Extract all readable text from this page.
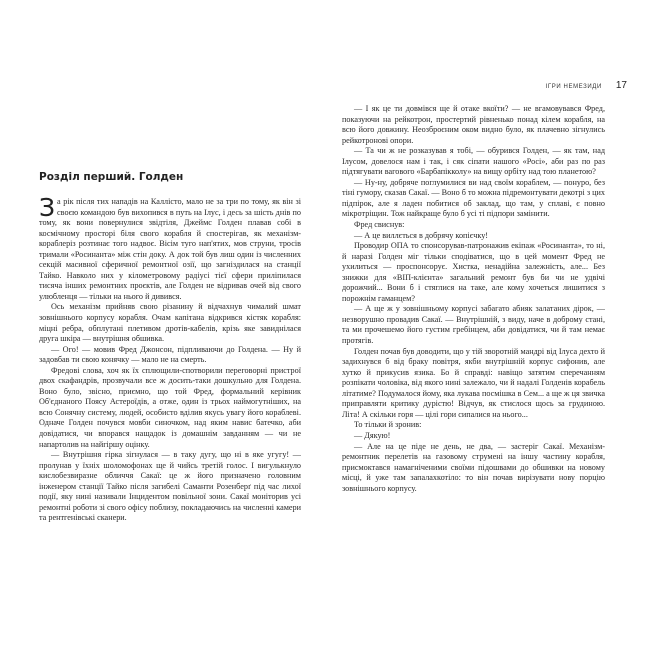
Розділ перший. Голден

За рік після тих нападів на Каллісто, мало не за три по тому, як він зі своєю командою був вихопився в путь на Ілус, і десь за шість днів по тому, як вони повернулися звідтіля, Джеймс Голден плавав собі в космічному просторі біля свого корабля й спостерігав, як механізм-кораблеріз розтинає того надвоє. Вісім туго нап'ятих, мов струни, тросів тримали «Росинанта» між стін доку. А док той був лиш один із численних секцій масивної сферичної ремонтної озії, що загніздилася на станції Тайко. Навколо них у кілометровому радіусі тієї сфери приліпилася тисяча інших ремонтних проєктів, але Голден не відривав очей від свого улюбленця — тільки на нього й дивився.

Ось механізм прийняв свою різанину й відчахнув чималий шмат зовнішнього корпусу корабля. Очам капітана відкрився кістяк корабля: міцні ребра, обплутані плетивом дротів-кабелів, крізь яке завиднілася друга шкіра — внутрішня обшивка.

— Ого! — мовив Фред Джонсон, підпливаючи до Голдена. — Ну й задовбав ти свою конячку — мало не на смерть.

Фредові слова, хоч як їх сплющили-спотворили переговорні пристрої двох скафандрів, прозвучали все ж досить-таки дошкульно для Голдена. Воно було, звісно, приємно, що той Фред, формальний керівник Об'єднаного Поясу Астероїдів, а отже, один із трьох наймогутніших, на всю Сонячну систему, людей, особисто вділив якусь увагу його кораблеві. Одначе Голден почувся мовби синочком, над яким навис батечко, аби довідатися, чи впорався нащадок із домашнім завданням — чи не напартолив на найгіршу оцінку.

— Внутрішня гірка зігнулася — в таку дугу, що ні в яке угугу! — пролунав у їхніх шоломофонах ще й чийсь третій голос. І вигулькнуло кислобезвиразне обличчя Сакаї: це ж його призначено головним інженером станції Тайко після загибелі Саманти Розенберґ під час лихої події, яку нині називали Інцидентом повільної зони. Сакаї моніторив усі ремонтні роботи зі свого офісу поблизу, покладаючись на численні камери та рентгенівські сканери.

ІГРИ НЕМЕЗИДИ 17

— І як це ти довмівся ще й отаке вкоїти? — не вгамовувався Фред, показуючи на рейкотрон, простертий рівненько понад кілем корабля, на всю його довжину. Неозброєним оком видно було, як плачевно зігнулись рейкотронові опори.

— Та чи ж не розказував я тобі, — обурився Голден, — як там, над Ілусом, довелося нам і так, і сяк сіпати нашого «Росі», аби раз по раз підтягувати вагового «Барбапікколу» на вищу орбіту над тою планетою?

— Ну-ну, добряче поглумилися ви над своїм кораблем, — понуро, без тіні гумору, сказав Сакаї. — Воно б то можна підремонтувати декотрі з цих підпірок, але я ладен побитися об заклад, що там, у сплаві, є повно мікротріщин. Тож найкраще було б усі ті підпори замінити.

Фред свиснув:

— А це виллється в добрячу копієчку!

Проводир ОПА то спонсорував-патронажив екіпаж «Росинанта», то ні, й наразі Голден міг тільки сподіватися, що в цей момент Фред не ухилиться — проспонсорує. Хистка, ненадійна залежність, але... Без знижки для «ВІП-клієнта» загальний ремонт був би чи не удвічі дорожчий... Вони б і стяглися на таке, але кому хочеться лишитися з порожнім гаманцем?

— А ще ж у зовнішньому корпусі забагато абияк залатаних дірок, — незворушно провадив Сакаї. — Внутрішній, з виду, наче в доброму стані, та ми прочешемо його густим гребінцем, аби довідатися, чи й там немає протягів.

Голден почав був доводити, що у тій зворотній мандрі від Ілуса дехто й задихнувся б від браку повітря, якби внутрішній корпус сифонив, але хутко й прикусив язика. Бо й справді: навіщо затятим сперечанням розпікати чоловіка, від якого нині залежало, чи й надалі Голденів корабель літатиме? Подумалося йому, яка лукава посмішка в Сем... а ще ж ця звичка приправляти критику дурістю! Відчув, як стислося щось за грудиною. Літа! А скільки горя — цілі гори сипалися на нього...

То тільки й зронив:

— Дякую!

— Але на це піде не день, не два, — застеріг Сакаї. Механізм-ремонтник перелетів на газовому струмені на іншу частину корабля, присмоктався намагніченими своїми підошвами до обшивки на новому місці, й уже там запалахкотіло: то він почав вирізувати нову порцію зовнішнього корпусу.
